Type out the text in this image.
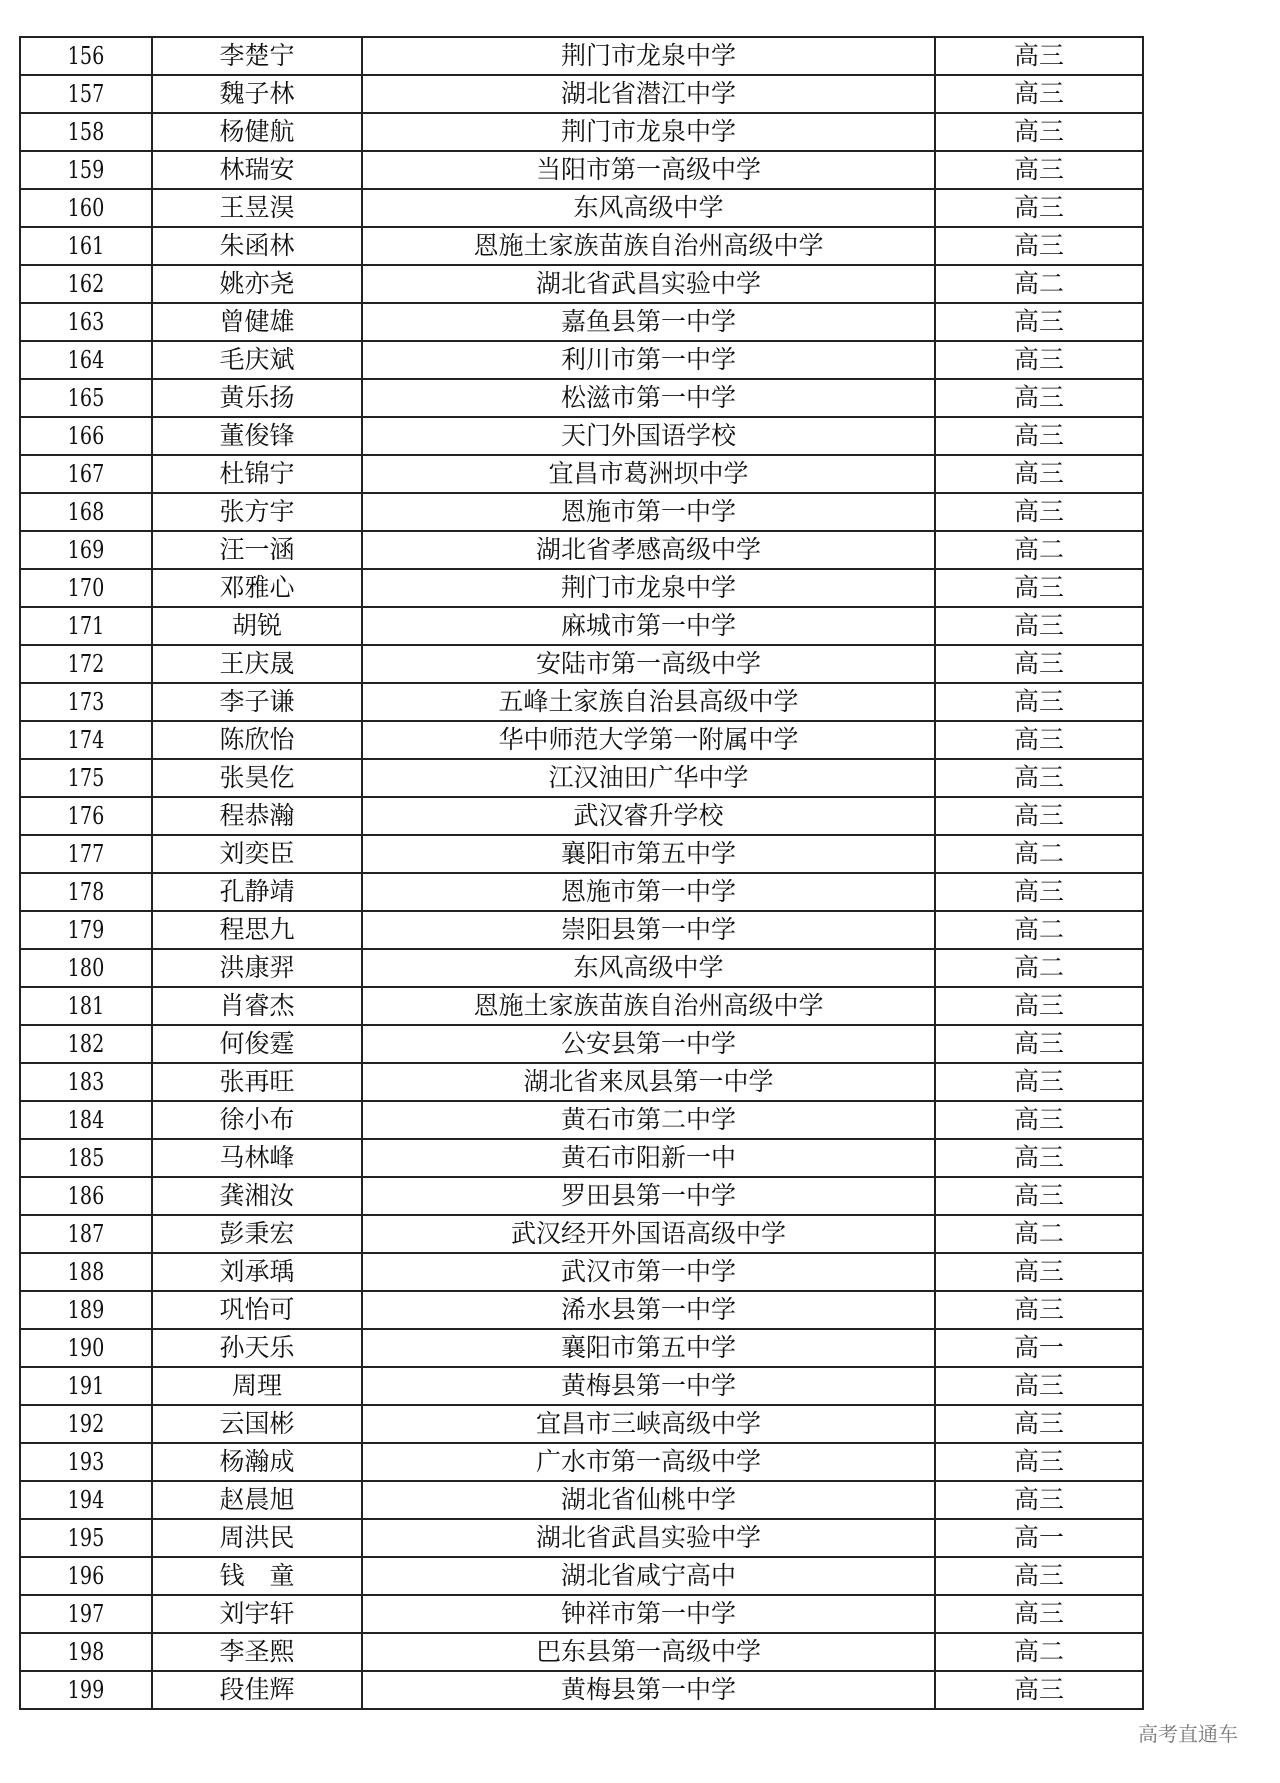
156	李楚宁	荆门市龙泉中学	高三
157	魏子林	湖北省潜江中学	高三
158	杨健航	荆门市龙泉中学	高三
159	林瑞安	当阳市第一高级中学	高三
160	王昱淏	东风高级中学	高三
161	朱函林	恩施土家族苗族自治州高级中学	高三
162	姚亦尧	湖北省武昌实验中学	高二
163	曾健雄	嘉鱼县第一中学	高三
164	毛庆斌	利川市第一中学	高三
165	黄乐扬	松滋市第一中学	高三
166	董俊锋	天门外国语学校	高三
167	杜锦宁	宜昌市葛洲坝中学	高三
168	张方宇	恩施市第一中学	高三
169	汪一涵	湖北省孝感高级中学	高二
170	邓雅心	荆门市龙泉中学	高三
171	胡锐	麻城市第一中学	高三
172	王庆晟	安陆市第一高级中学	高三
173	李子谦	五峰土家族自治县高级中学	高三
174	陈欣怡	华中师范大学第一附属中学	高三
175	张昊仡	江汉油田广华中学	高三
176	程恭瀚	武汉睿升学校	高三
177	刘奕臣	襄阳市第五中学	高二
178	孔静靖	恩施市第一中学	高三
179	程思九	崇阳县第一中学	高二
180	洪康羿	东风高级中学	高二
181	肖睿杰	恩施土家族苗族自治州高级中学	高三
182	何俊霆	公安县第一中学	高三
183	张再旺	湖北省来凤县第一中学	高三
184	徐小布	黄石市第二中学	高三
185	马林峰	黄石市阳新一中	高三
186	龚湘汝	罗田县第一中学	高三
187	彭秉宏	武汉经开外国语高级中学	高二
188	刘承瑀	武汉市第一中学	高三
189	巩怡可	浠水县第一中学	高三
190	孙天乐	襄阳市第五中学	高一
191	周理	黄梅县第一中学	高三
192	云国彬	宜昌市三峡高级中学	高三
193	杨瀚成	广水市第一高级中学	高三
194	赵晨旭	湖北省仙桃中学	高三
195	周洪民	湖北省武昌实验中学	高一
196	钱　童	湖北省咸宁高中	高三
197	刘宇轩	钟祥市第一中学	高三
198	李圣熙	巴东县第一高级中学	高二
199	段佳辉	黄梅县第一中学	高三
高考直通车
